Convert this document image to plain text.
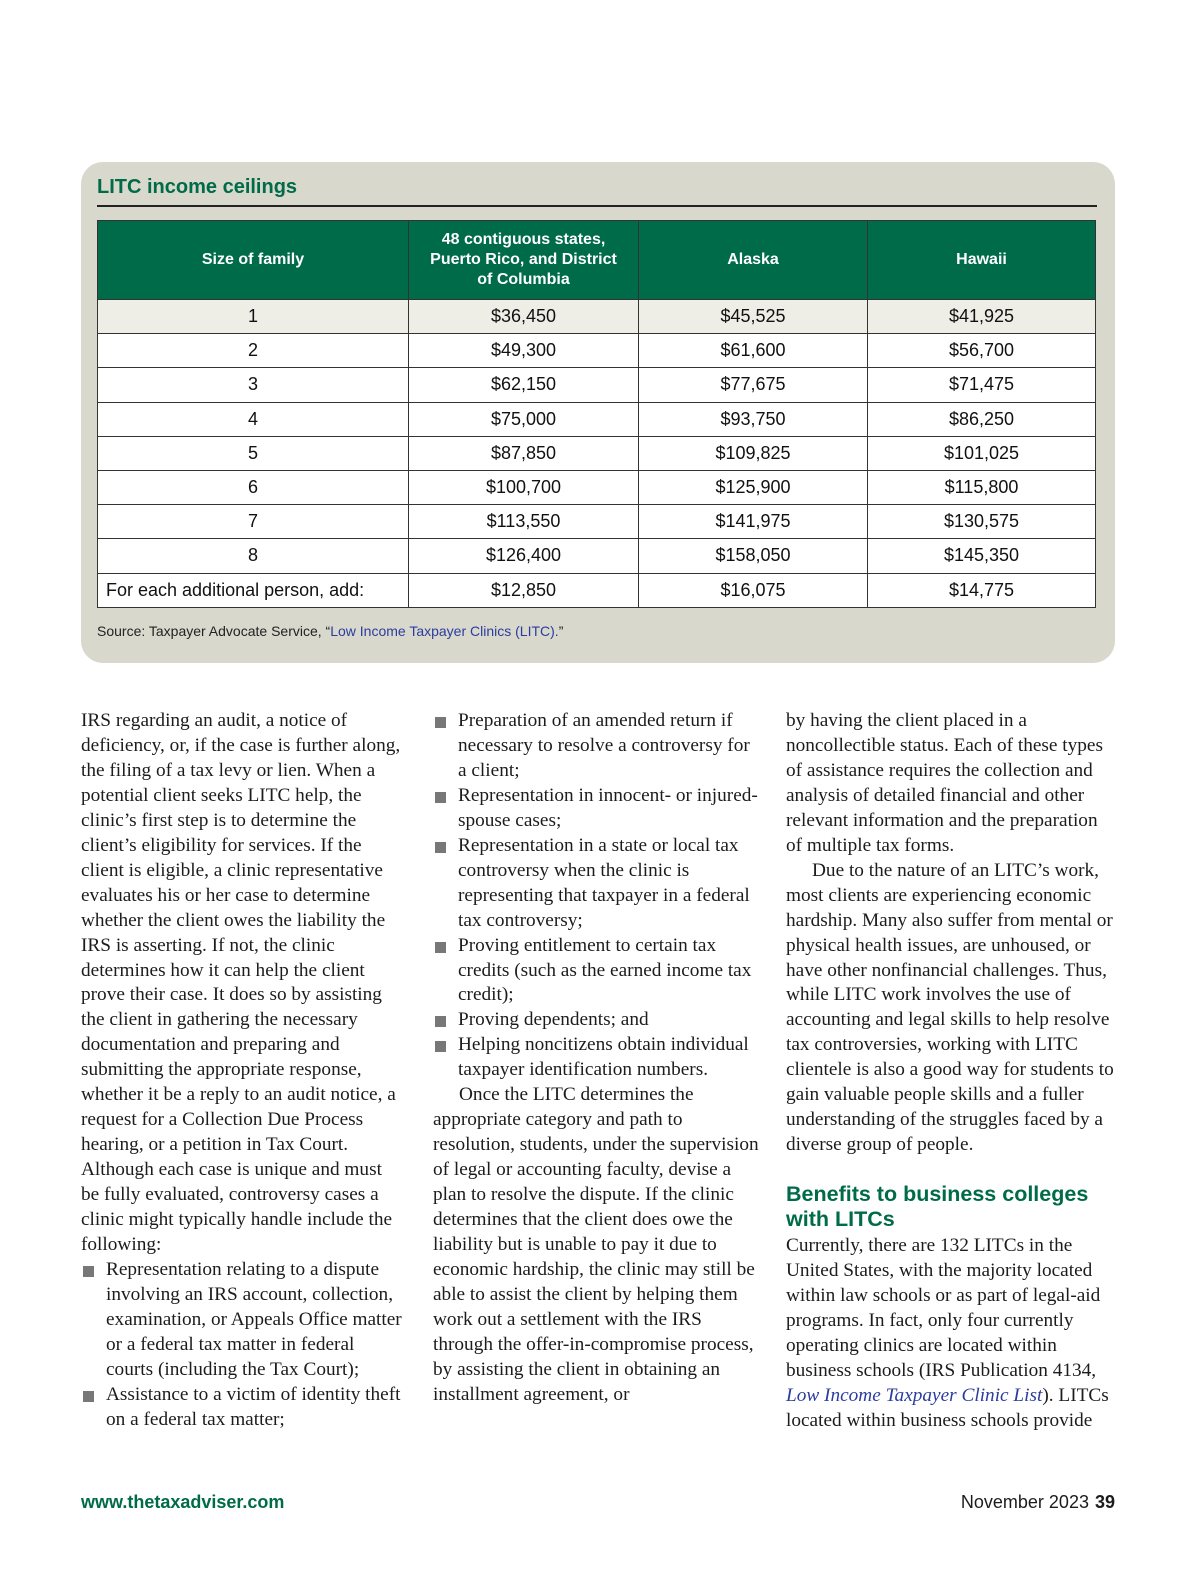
LITC income ceilings
Size of family	48 contiguous states, Puerto Rico, and District of Columbia	Alaska	Hawaii
1	$36,450	$45,525	$41,925
2	$49,300	$61,600	$56,700
3	$62,150	$77,675	$71,475
4	$75,000	$93,750	$86,250
5	$87,850	$109,825	$101,025
6	$100,700	$125,900	$115,800
7	$113,550	$141,975	$130,575
8	$126,400	$158,050	$145,350
For each additional person, add:	$12,850	$16,075	$14,775
Source: Taxpayer Advocate Service, “Low Income Taxpayer Clinics (LITC).”

IRS regarding an audit, a notice of deficiency, or, if the case is further along, the filing of a tax levy or lien. When a potential client seeks LITC help, the clinic’s first step is to determine the client’s eligibility for services. If the client is eligible, a clinic representative evaluates his or her case to determine whether the client owes the liability the IRS is asserting. If not, the clinic determines how it can help the client prove their case. It does so by assisting the client in gathering the necessary documentation and preparing and submitting the appropriate response, whether it be a reply to an audit notice, a request for a Collection Due Process hearing, or a petition in Tax Court. Although each case is unique and must be fully evaluated, controversy cases a clinic might typically handle include the following:

Representation relating to a dispute involving an IRS account, collection, examination, or Appeals Office matter or a federal tax matter in federal courts (including the Tax Court);

Assistance to a victim of identity theft on a federal tax matter;

Preparation of an amended return if necessary to resolve a controversy for a client;

Representation in innocent- or injured-spouse cases;

Representation in a state or local tax controversy when the clinic is representing that taxpayer in a federal tax controversy;

Proving entitlement to certain tax credits (such as the earned income tax credit);

Proving dependents; and

Helping noncitizens obtain individual taxpayer identification numbers.

Once the LITC determines the appropriate category and path to resolution, students, under the supervision of legal or accounting faculty, devise a plan to resolve the dispute. If the clinic determines that the client does owe the liability but is unable to pay it due to economic hardship, the clinic may still be able to assist the client by helping them work out a settlement with the IRS through the offer-in-compromise process, by assisting the client in obtaining an installment agreement, or

by having the client placed in a noncollectible status. Each of these types of assistance requires the collection and analysis of detailed financial and other relevant information and the preparation of multiple tax forms.

Due to the nature of an LITC’s work, most clients are experiencing economic hardship. Many also suffer from mental or physical health issues, are unhoused, or have other nonfinancial challenges. Thus, while LITC work involves the use of accounting and legal skills to help resolve tax controversies, working with LITC clientele is also a good way for students to gain valuable people skills and a fuller understanding of the struggles faced by a diverse group of people.

Benefits to business colleges with LITCs

Currently, there are 132 LITCs in the United States, with the majority located within law schools or as part of legal-aid programs. In fact, only four currently operating clinics are located within business schools (IRS Publication 4134, Low Income Taxpayer Clinic List). LITCs located within business schools provide

www.thetaxadviser.com	November 2023 39
